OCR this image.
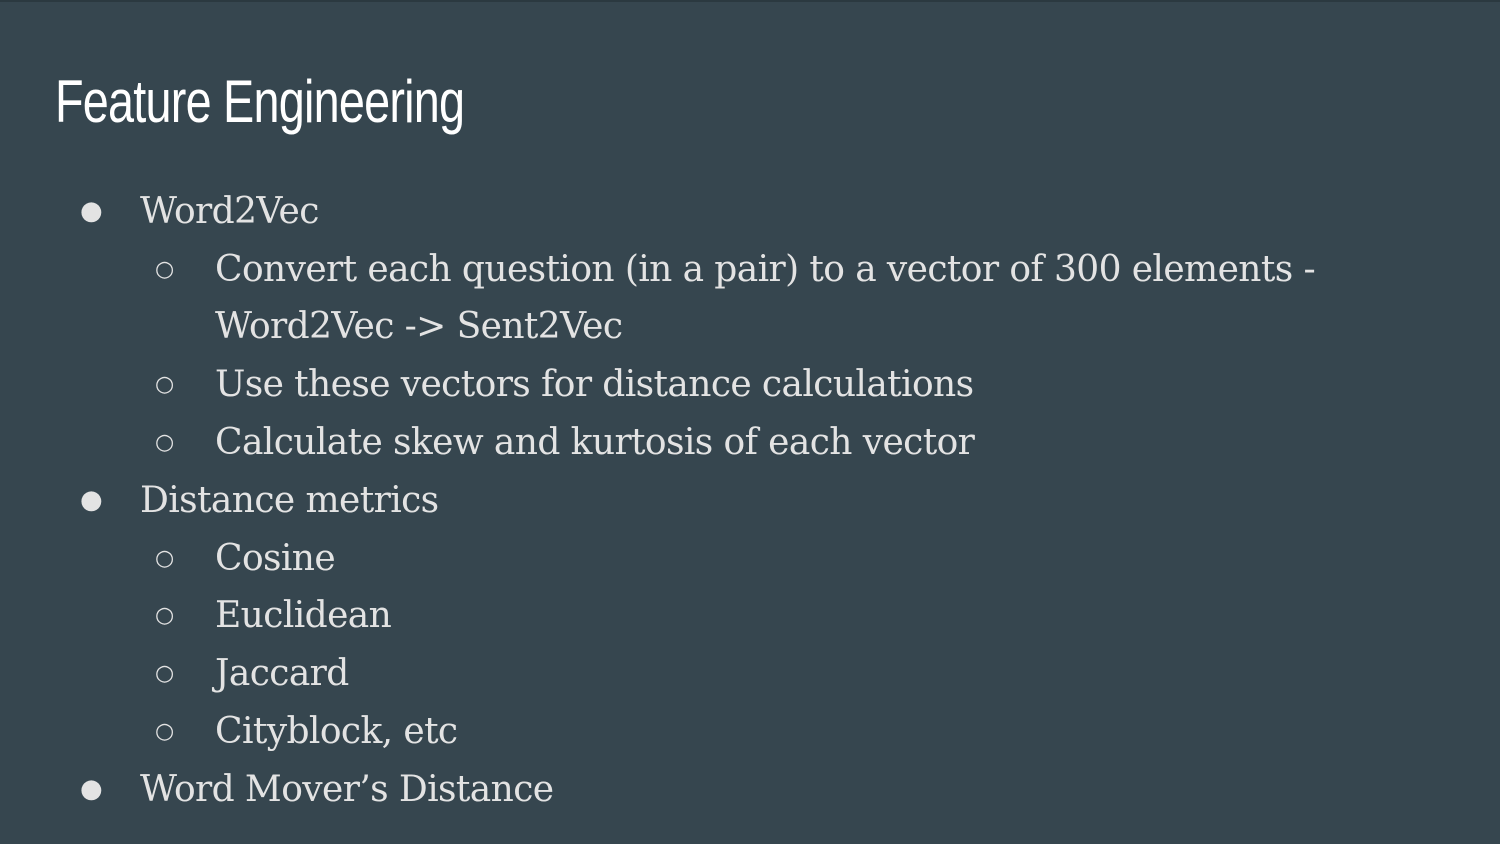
Feature Engineering
● Word2Vec
○ Convert each question (in a pair) to a vector of 300 elements -
Word2Vec -> Sent2Vec
○ Use these vectors for distance calculations
○ Calculate skew and kurtosis of each vector
● Distance metrics
○ Cosine
○ Euclidean
○ Jaccard
○ Cityblock, etc
● Word Mover’s Distance
